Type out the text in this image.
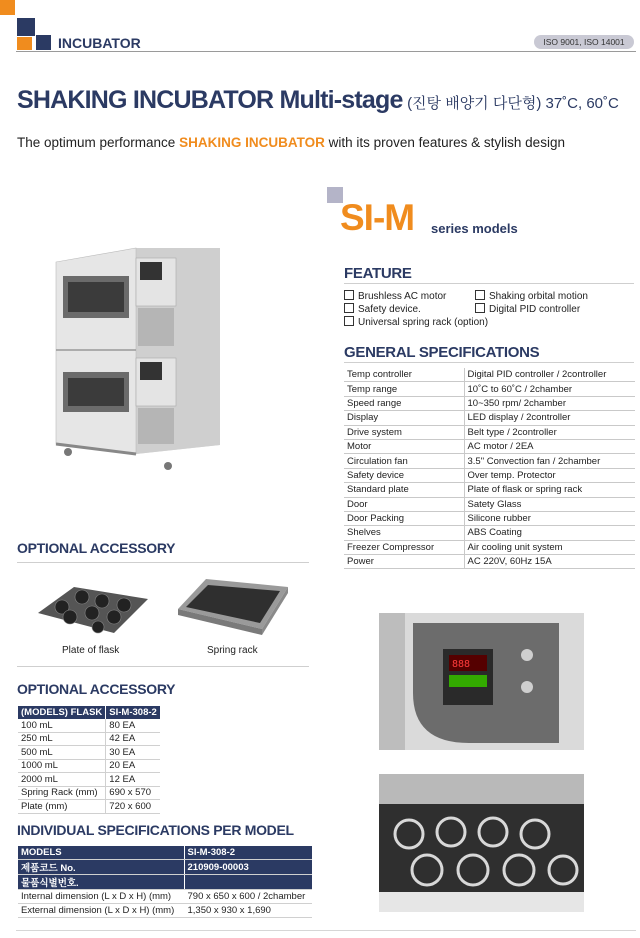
INCUBATOR	ISO 9001, ISO 14001
SHAKING INCUBATOR Multi-stage (진탕 배양기 다단형) 37˚C, 60˚C
The optimum performance SHAKING INCUBATOR with its proven features & stylish design
SI-M series models
FEATURE
Brushless AC motor	Shaking orbital motion
Safety device.	Digital PID controller
Universal spring rack (option)
GENERAL SPECIFICATIONS
Temp controller	Digital PID controller / 2controller
Temp range	10˚C to 60˚C / 2chamber
Speed range	10~350 rpm/ 2chamber
Display	LED display / 2controller
Drive system	Belt type / 2controller
Motor	AC motor / 2EA
Circulation fan	3.5" Convection fan / 2chamber
Safety device	Over temp. Protector
Standard plate	Plate of flask or spring rack
Door	Satety Glass
Door Packing	Silicone rubber
Shelves	ABS Coating
Freezer Compressor	Air cooling unit system
Power	AC 220V, 60Hz 15A
OPTIONAL ACCESSORY
Plate of flask	Spring rack
OPTIONAL ACCESSORY
(MODELS) FLASK	SI-M-308-2
100 mL	80 EA
250 mL	42 EA
500 mL	30 EA
1000 mL	20 EA
2000 mL	12 EA
Spring Rack (mm)	690 x 570
Plate (mm)	720 x 600
INDIVIDUAL SPECIFICATIONS PER MODEL
MODELS	SI-M-308-2
제품코드 No.	210909-00003
물품식별번호.	
Internal dimension (L x D x H) (mm)	790 x 650 x 600 / 2chamber
External dimension (L x D x H) (mm)	1,350 x 930 x 1,690
888
